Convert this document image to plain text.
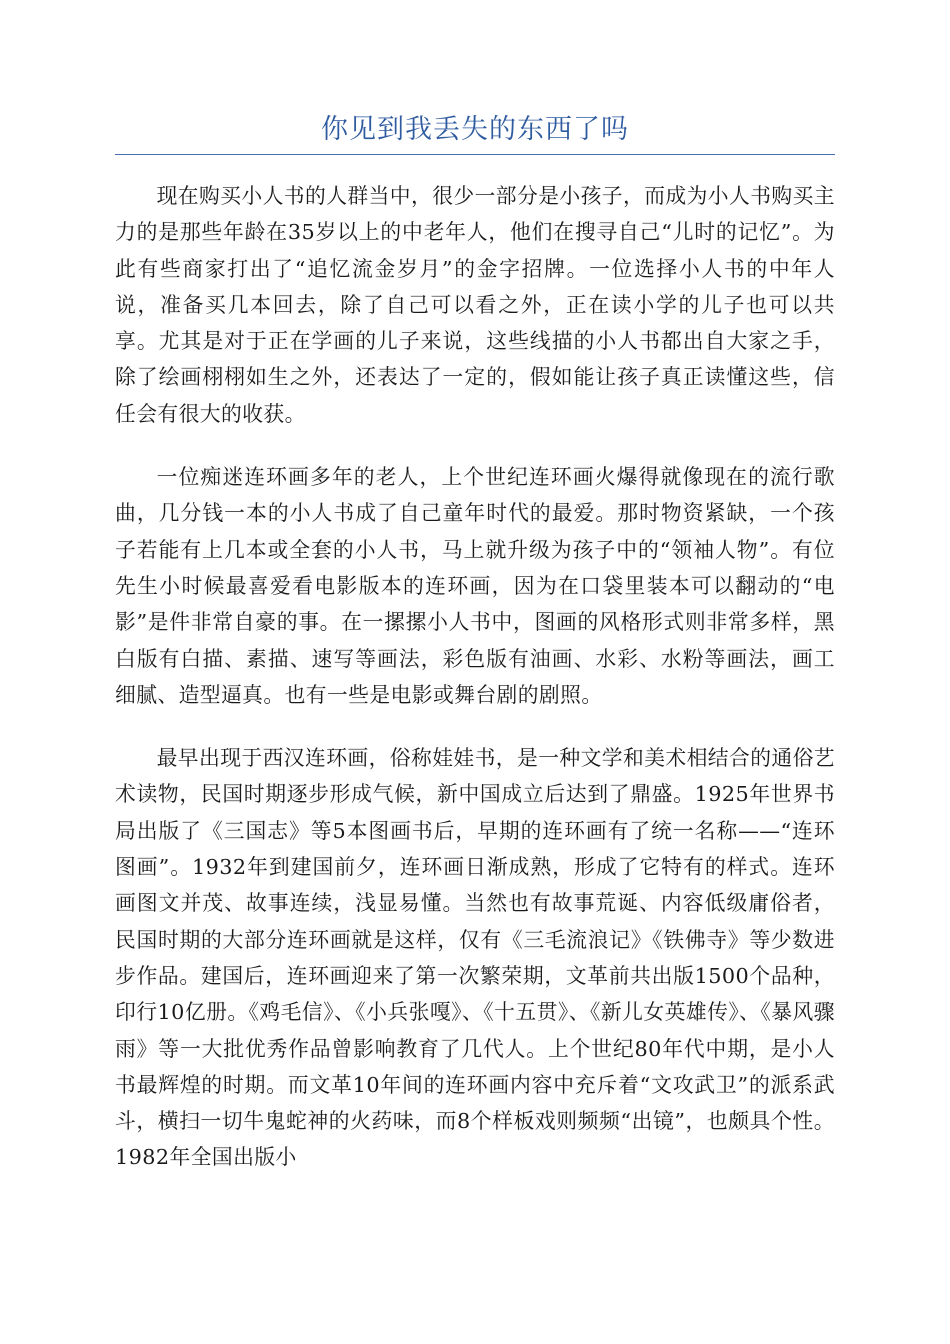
你见到我丢失的东西了吗

现在购买小人书的人群当中，很少一部分是小孩子，而成为小人书购买主力的是那些年龄在35岁以上的中老年人，他们在搜寻自己“儿时的记忆”。为此有些商家打出了“追忆流金岁月”的金字招牌。一位选择小人书的中年人说，准备买几本回去，除了自己可以看之外，正在读小学的儿子也可以共享。尤其是对于正在学画的儿子来说，这些线描的小人书都出自大家之手，除了绘画栩栩如生之外，还表达了一定的，假如能让孩子真正读懂这些，信任会有很大的收获。

一位痴迷连环画多年的老人，上个世纪连环画火爆得就像现在的流行歌曲，几分钱一本的小人书成了自己童年时代的最爱。那时物资紧缺，一个孩子若能有上几本或全套的小人书，马上就升级为孩子中的“领袖人物”。有位先生小时候最喜爱看电影版本的连环画，因为在口袋里装本可以翻动的“电影”是件非常自豪的事。在一摞摞小人书中，图画的风格形式则非常多样，黑白版有白描、素描、速写等画法，彩色版有油画、水彩、水粉等画法，画工细腻、造型逼真。也有一些是电影或舞台剧的剧照。

最早出现于西汉连环画，俗称娃娃书，是一种文学和美术相结合的通俗艺术读物，民国时期逐步形成气候，新中国成立后达到了鼎盛。1925年世界书局出版了《三国志》等5本图画书后，早期的连环画有了统一名称——“连环图画”。1932年到建国前夕，连环画日渐成熟，形成了它特有的样式。连环画图文并茂、故事连续，浅显易懂。当然也有故事荒诞、内容低级庸俗者，民国时期的大部分连环画就是这样，仅有《三毛流浪记》《铁佛寺》等少数进步作品。建国后，连环画迎来了第一次繁荣期，文革前共出版1500个品种，印行10亿册。《鸡毛信》、《小兵张嘎》、《十五贯》、《新儿女英雄传》、《暴风骤雨》等一大批优秀作品曾影响教育了几代人。上个世纪80年代中期，是小人书最辉煌的时期。而文革10年间的连环画内容中充斥着“文攻武卫”的派系武斗，横扫一切牛鬼蛇神的火药味，而8个样板戏则频频“出镜”，也颇具个性。1982年全国出版小
